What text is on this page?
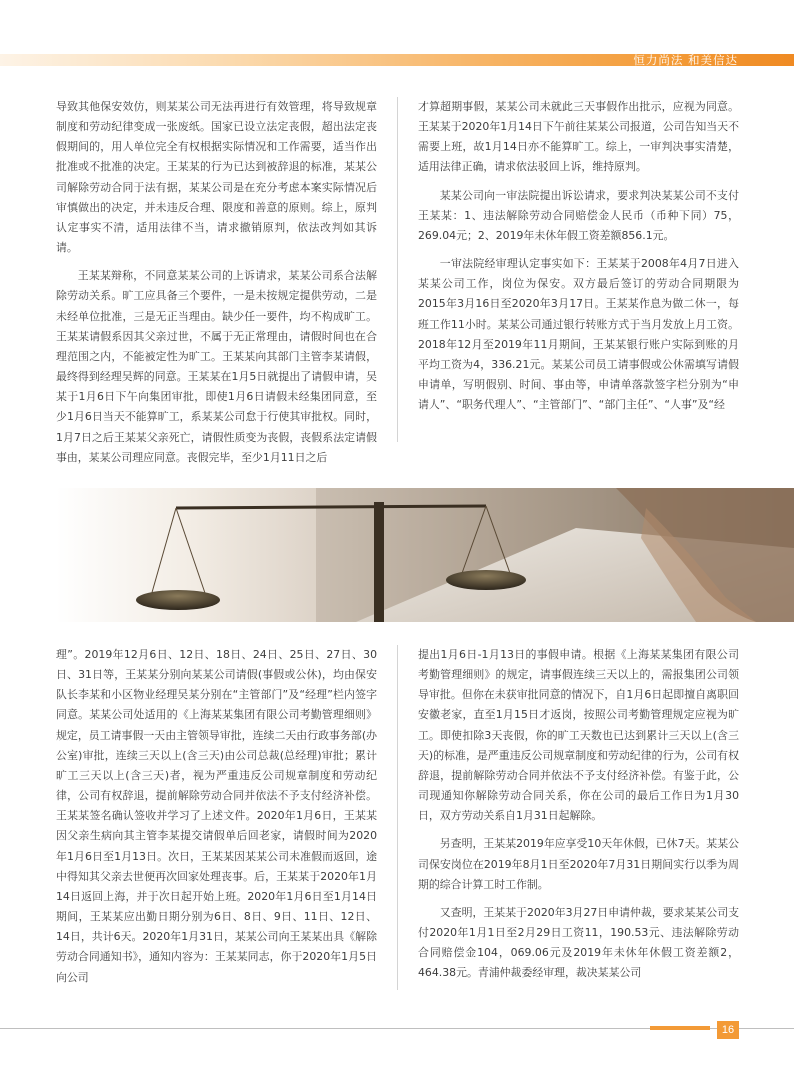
恒力尚法 和美信达

导致其他保安效仿，则某某公司无法再进行有效管理，将导致规章制度和劳动纪律变成一张废纸。国家已设立法定丧假，超出法定丧假期间的，用人单位完全有权根据实际情况和工作需要，适当作出批准或不批准的决定。王某某的行为已达到被辞退的标准，某某公司解除劳动合同于法有据，某某公司是在充分考虑本案实际情况后审慎做出的决定，并未违反合理、限度和善意的原则。综上，原判认定事实不清，适用法律不当，请求撤销原判，依法改判如其诉请。

王某某辩称，不同意某某公司的上诉请求，某某公司系合法解除劳动关系。旷工应具备三个要件，一是未按规定提供劳动，二是未经单位批准，三是无正当理由。缺少任一要件，均不构成旷工。王某某请假系因其父亲过世，不属于无正常理由，请假时间也在合理范围之内，不能被定性为旷工。王某某向其部门主管李某请假，最终得到经理吴辉的同意。王某某在1月5日就提出了请假申请，吴某于1月6日下午向集团审批，即使1月6日请假未经集团同意，至少1月6日当天不能算旷工，系某某公司怠于行使其审批权。同时，1月7日之后王某某父亲死亡，请假性质变为丧假，丧假系法定请假事由，某某公司理应同意。丧假完毕，至少1月11日之后

才算超期事假，某某公司未就此三天事假作出批示，应视为同意。王某某于2020年1月14日下午前往某某公司报道，公司告知当天不需要上班，故1月14日亦不能算旷工。综上，一审判决事实清楚，适用法律正确，请求依法驳回上诉，维持原判。

某某公司向一审法院提出诉讼请求，要求判决某某公司不支付王某某：1、违法解除劳动合同赔偿金人民币（币种下同）75，269.04元；2、2019年未休年假工资差额856.1元。

一审法院经审理认定事实如下：王某某于2008年4月7日进入某某公司工作，岗位为保安。双方最后签订的劳动合同期限为2015年3月16日至2020年3月17日。王某某作息为做二休一，每班工作11小时。某某公司通过银行转账方式于当月发放上月工资。2018年12月至2019年11月期间，王某某银行账户实际到账的月平均工资为4，336.21元。某某公司员工请事假或公休需填写请假申请单，写明假别、时间、事由等，申请单落款签字栏分别为“申请人”、“职务代理人”、“主管部门”、“部门主任”、“人事”及“经

理”。2019年12月6日、12日、18日、24日、25日、27日、30日、31日等，王某某分别向某某公司请假(事假或公休)，均由保安队长李某和小区物业经理吴某分别在“主管部门”及“经理”栏内签字同意。某某公司处适用的《上海某某集团有限公司考勤管理细则》规定，员工请事假一天由主管领导审批，连续二天由行政事务部(办公室)审批，连续三天以上(含三天)由公司总裁(总经理)审批；累计旷工三天以上(含三天)者，视为严重违反公司规章制度和劳动纪律，公司有权辞退，提前解除劳动合同并依法不予支付经济补偿。王某某签名确认签收并学习了上述文件。2020年1月6日，王某某因父亲生病向其主管李某提交请假单后回老家，请假时间为2020年1月6日至1月13日。次日，王某某因某某公司未准假而返回，途中得知其父亲去世便再次回家处理丧事。后，王某某于2020年1月14日返回上海，并于次日起开始上班。2020年1月6日至1月14日期间，王某某应出勤日期分别为6日、8日、9日、11日、12日、14日，共计6天。2020年1月31日，某某公司向王某某出具《解除劳动合同通知书》，通知内容为：王某某同志，你于2020年1月5日向公司

提出1月6日-1月13日的事假申请。根据《上海某某集团有限公司考勤管理细则》的规定，请事假连续三天以上的，需报集团公司领导审批。但你在未获审批同意的情况下，自1月6日起即擅自离职回安徽老家，直至1月15日才返岗，按照公司考勤管理规定应视为旷工。即使扣除3天丧假，你的旷工天数也已达到累计三天以上(含三天)的标准，是严重违反公司规章制度和劳动纪律的行为，公司有权辞退，提前解除劳动合同并依法不予支付经济补偿。有鉴于此，公司现通知你解除劳动合同关系，你在公司的最后工作日为1月30日，双方劳动关系自1月31日起解除。

另查明，王某某2019年应享受10天年休假，已休7天。某某公司保安岗位在2019年8月1日至2020年7月31日期间实行以季为周期的综合计算工时工作制。

又查明，王某某于2020年3月27日申请仲裁，要求某某公司支付2020年1月1日至2月29日工资11，190.53元、违法解除劳动合同赔偿金104，069.06元及2019年未休年休假工资差额2，464.38元。青浦仲裁委经审理，裁决某某公司

16
